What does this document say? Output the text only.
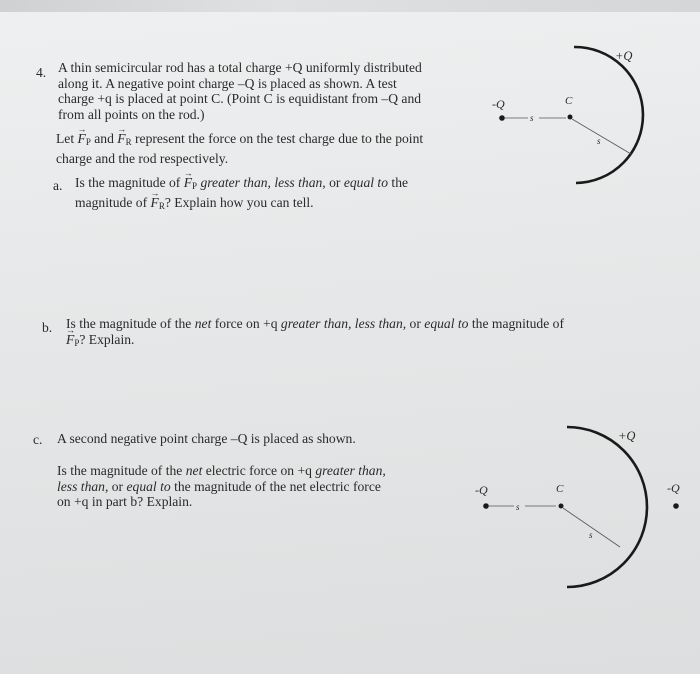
4. A thin semicircular rod has a total charge +Q uniformly distributed
along it. A negative point charge –Q is placed as shown. A test
charge +q is placed at point C. (Point C is equidistant from –Q and
from all points on the rod.)
Let → $F_P$ and → $F_R$ represent the force on the test charge due to the point
charge and the rod respectively.
a. Is the magnitude of → $F_P$ greater than, less than, or equal to the
magnitude of → $F_R$? Explain how you can tell.
b. Is the magnitude of the net force on +q greater than, less than, or equal to the magnitude of
→ $F_P$? Explain.
c. A second negative point charge –Q is placed as shown.
Is the magnitude of the net electric force on +q greater than,
less than, or equal to the magnitude of the net electric force
on +q in part b? Explain.
+Q
-Q
s
C
s
+Q
-Q
s
C
s
-Q
